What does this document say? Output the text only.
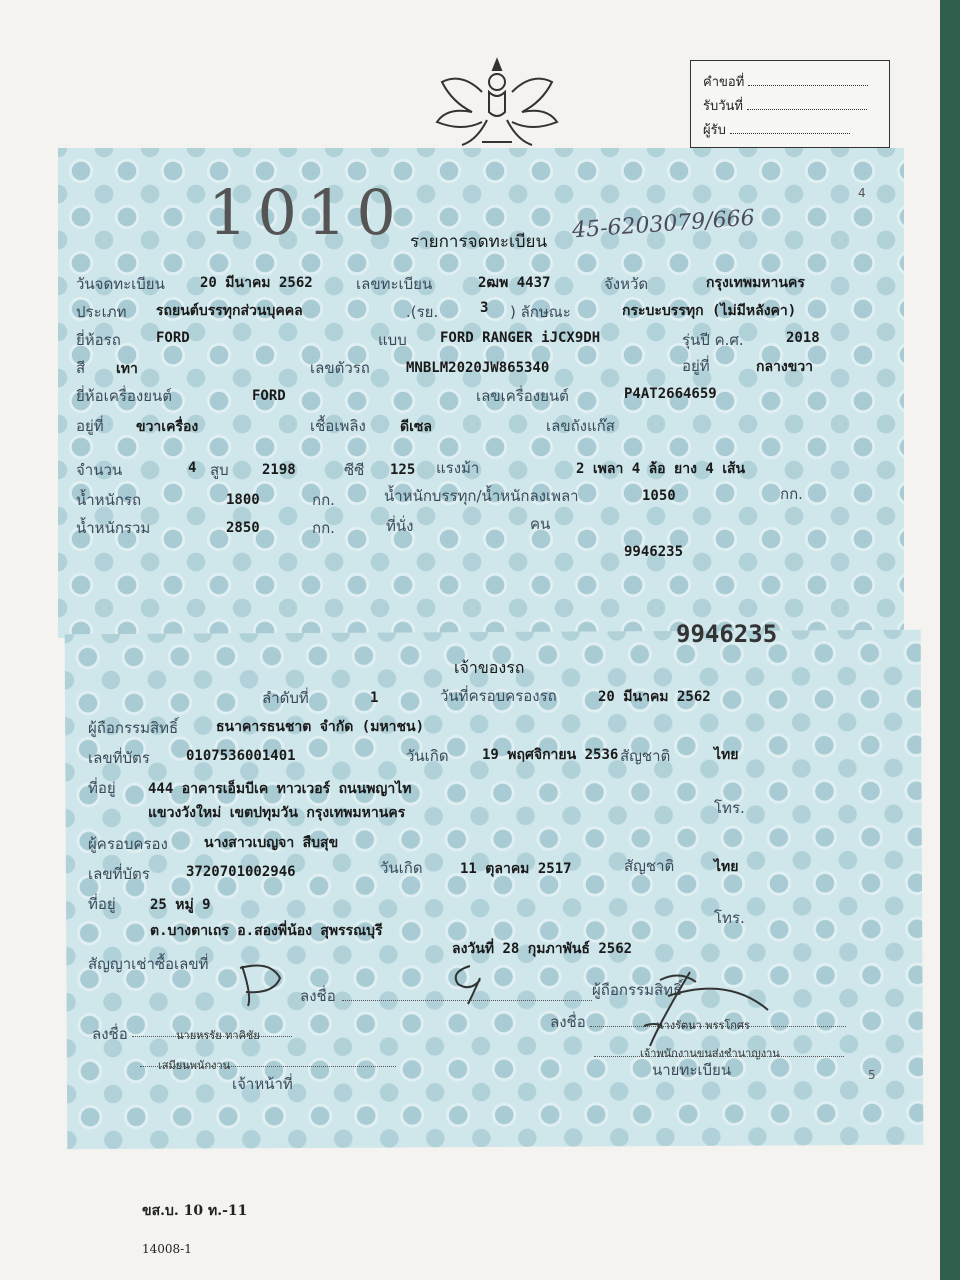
คำขอที่
รับวันที่
ผู้รับ
4
1010	45-6203079/666
รายการจดทะเบียน
วันจดทะเบียน	20 มีนาคม 2562	เลขทะเบียน	2ฒพ 4437	จังหวัด	กรุงเทพมหานคร
ประเภท รถยนต์บรรทุกส่วนบุคคล	.(รย.	3 ) ลักษณะ	กระบะบรรทุก (ไม่มีหลังคา)
ยี่ห้อรถ	FORD	แบบ FORD RANGER iJCX9DH	รุ่นปี ค.ศ.	2018
สี เทา	เลขตัวรถ	MNBLM2020JW865340	อยู่ที่	กลางขวา
ยี่ห้อเครื่องยนต์	FORD	เลขเครื่องยนต์	P4AT2664659
อยู่ที่ ขวาเครื่อง	เชื้อเพลิง ดีเซล	เลขถังแก๊ส
จำนวน	4 สูบ 2198	ซีซี 125 แรงม้า	2 เพลา 4 ล้อ ยาง 4 เส้น
น้ำหนักรถ	1800	กก.	น้ำหนักบรรทุก/น้ำหนักลงเพลา	1050	กก.
น้ำหนักรวม	2850	กก.	ที่นั่ง	คน
9946235
9946235
เจ้าของรถ
ลำดับที่	1	วันที่ครอบครองรถ	20 มีนาคม 2562
ผู้ถือกรรมสิทธิ์	ธนาคารธนชาต จำกัด (มหาชน)
เลขที่บัตร	0107536001401	วันเกิด 19 พฤศจิกายน 2536 สัญชาติ	ไทย
ที่อยู่ 444 อาคารเอ็มบีเค ทาวเวอร์ ถนนพญาไท
แขวงวังใหม่ เขตปทุมวัน กรุงเทพมหานคร	โทร.
ผู้ครอบครอง	นางสาวเบญจา สืบสุข
เลขที่บัตร	3720701002946	วันเกิด	11 ตุลาคม 2517	สัญชาติ	ไทย
ที่อยู่ 25 หมู่ 9
ต.บางตาเถร อ.สองพี่น้อง สุพรรณบุรี
โทร.
สัญญาเช่าซื้อเลขที่
ลงวันที่ 28 กุมภาพันธ์ 2562
ลงชื่อ	ผู้ถือกรรมสิทธิ์
ลงชื่อ	นายหรรัย ทาคิชัย
เสมียนพนักงาน
เจ้าหน้าที่
ลงชื่อ	นางรัตนา พรรโกศร
เจ้าพนักงานขนส่งชำนาญงาน
นายทะเบียน	5
ขส.บ. 10 ท.-11
14008-1
